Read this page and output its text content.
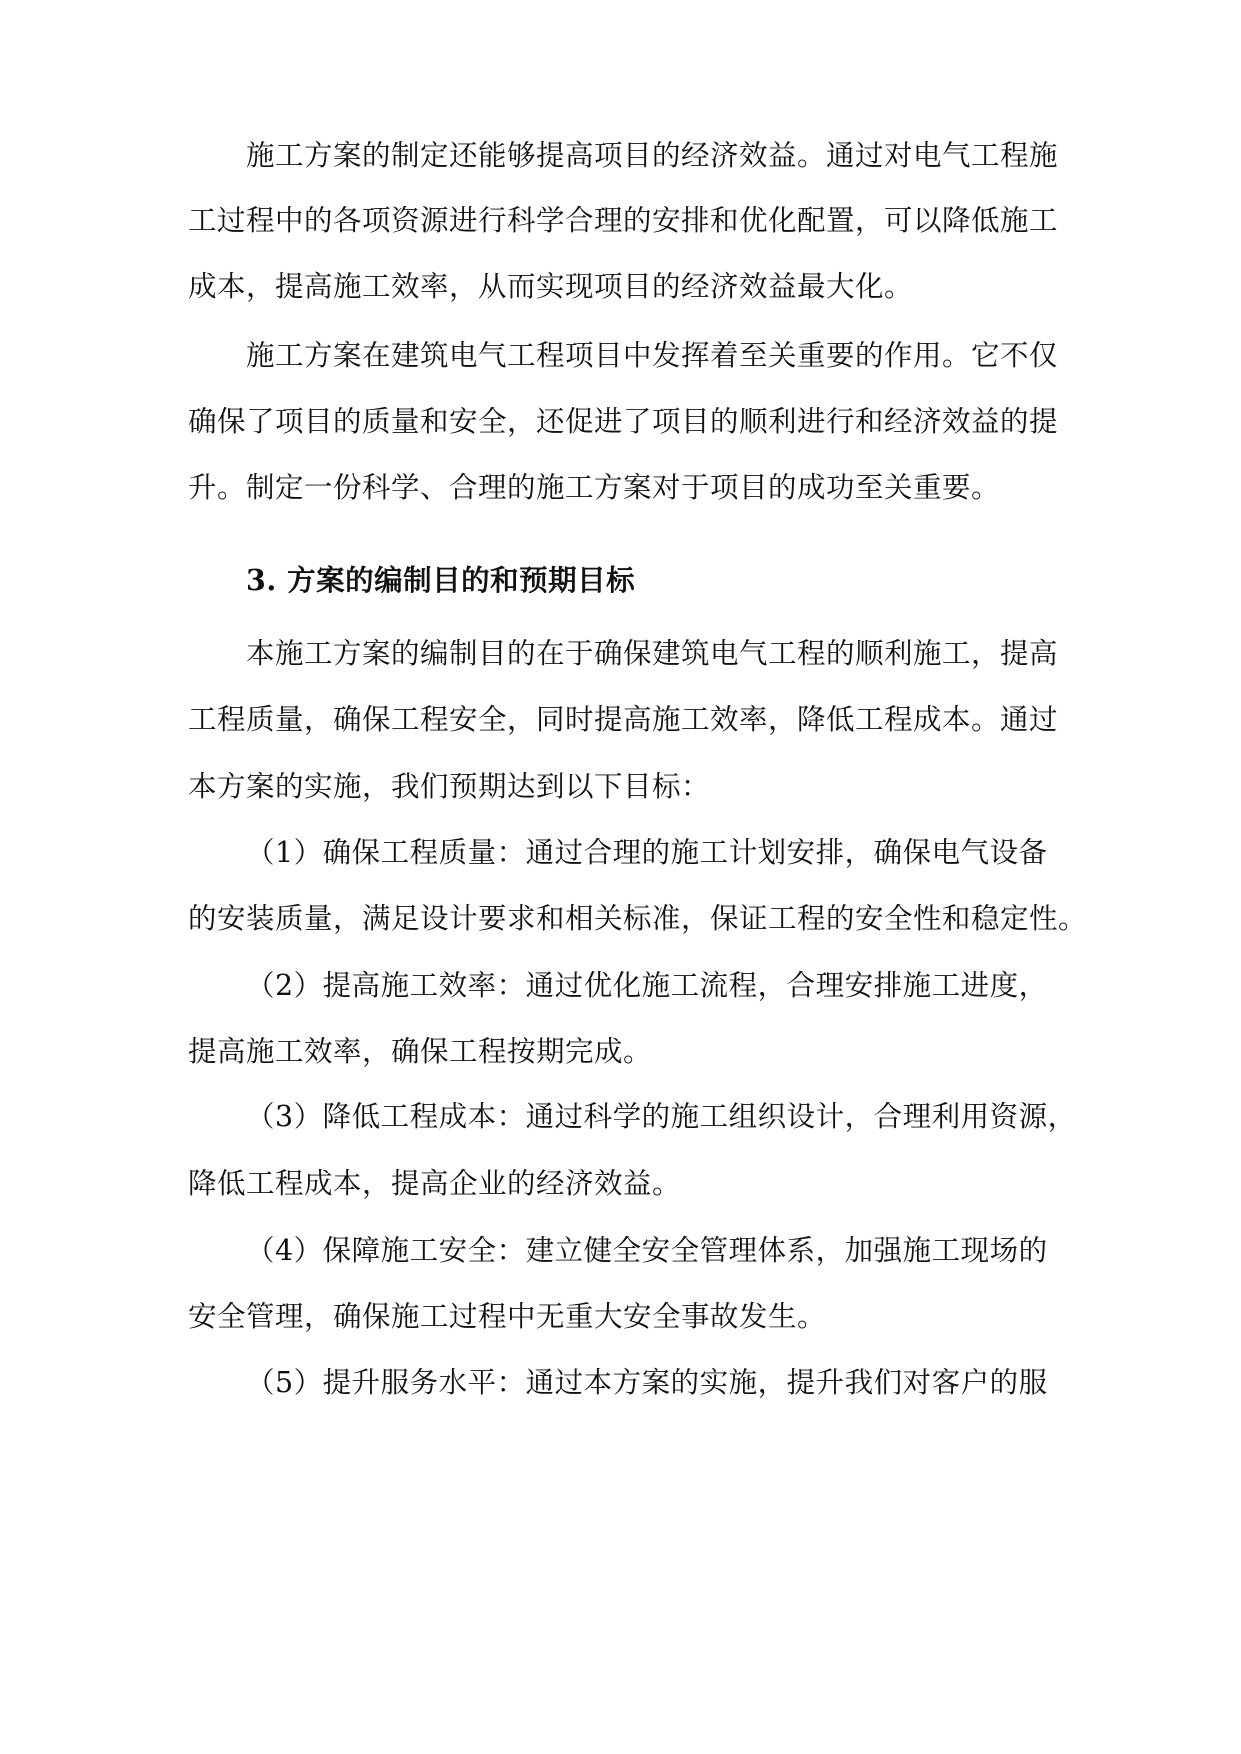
施工方案的制定还能够提高项目的经济效益。通过对电气工程施
工过程中的各项资源进行科学合理的安排和优化配置，可以降低施工
成本，提高施工效率，从而实现项目的经济效益最大化。
施工方案在建筑电气工程项目中发挥着至关重要的作用。它不仅
确保了项目的质量和安全，还促进了项目的顺利进行和经济效益的提
升。制定一份科学、合理的施工方案对于项目的成功至关重要。
3. 方案的编制目的和预期目标
本施工方案的编制目的在于确保建筑电气工程的顺利施工，提高
工程质量，确保工程安全，同时提高施工效率，降低工程成本。通过
本方案的实施，我们预期达到以下目标：
（1）确保工程质量：通过合理的施工计划安排，确保电气设备
的安装质量，满足设计要求和相关标准，保证工程的安全性和稳定性。
（2）提高施工效率：通过优化施工流程，合理安排施工进度，
提高施工效率，确保工程按期完成。
（3）降低工程成本：通过科学的施工组织设计，合理利用资源，
降低工程成本，提高企业的经济效益。
（4）保障施工安全：建立健全安全管理体系，加强施工现场的
安全管理，确保施工过程中无重大安全事故发生。
（5）提升服务水平：通过本方案的实施，提升我们对客户的服
